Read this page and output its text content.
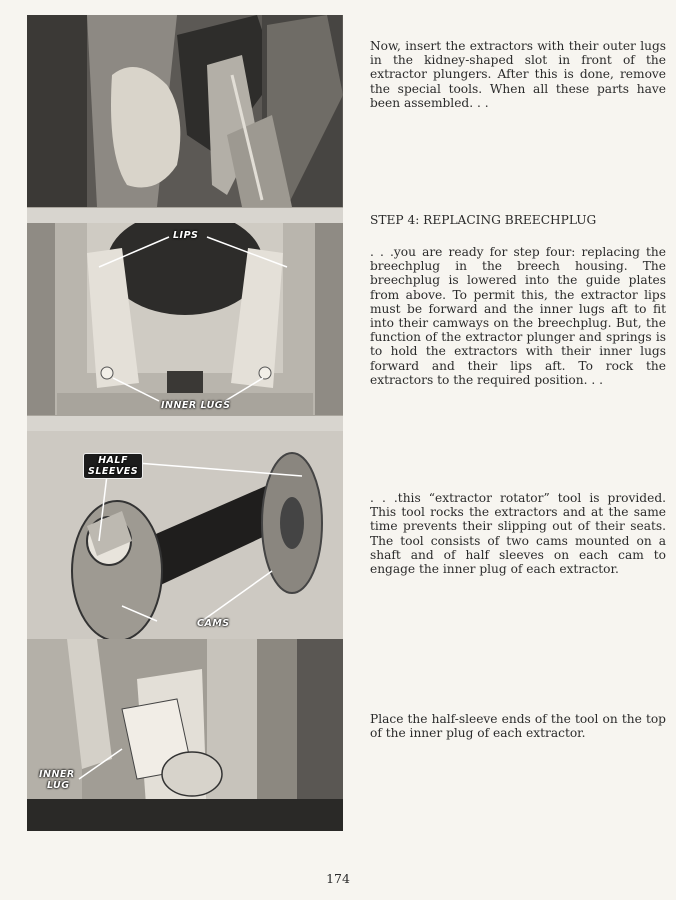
LIPS
INNER LUGS
HALF
SLEEVES
CAMS
INNER
LUG

Now, insert the extractors with their outer lugs in the kidney-shaped slot in front of the extractor plungers. After this is done, remove the special tools. When all these parts have been assembled. . .

STEP 4: REPLACING BREECHPLUG

. . .you are ready for step four: replacing the breechplug in the breech housing. The breechplug is lowered into the guide plates from above. To permit this, the extractor lips must be forward and the inner lugs aft to fit into their camways on the breechplug. But, the function of the extractor plunger and springs is to hold the extractors with their inner lugs forward and their lips aft. To rock the extractors to the required position. . .

. . .this “extractor rotator” tool is provided. This tool rocks the extractors and at the same time prevents their slipping out of their seats. The tool consists of two cams mounted on a shaft and of half sleeves on each cam to engage the inner plug of each extractor.

Place the half-sleeve ends of the tool on the top of the inner plug of each extractor.

174
